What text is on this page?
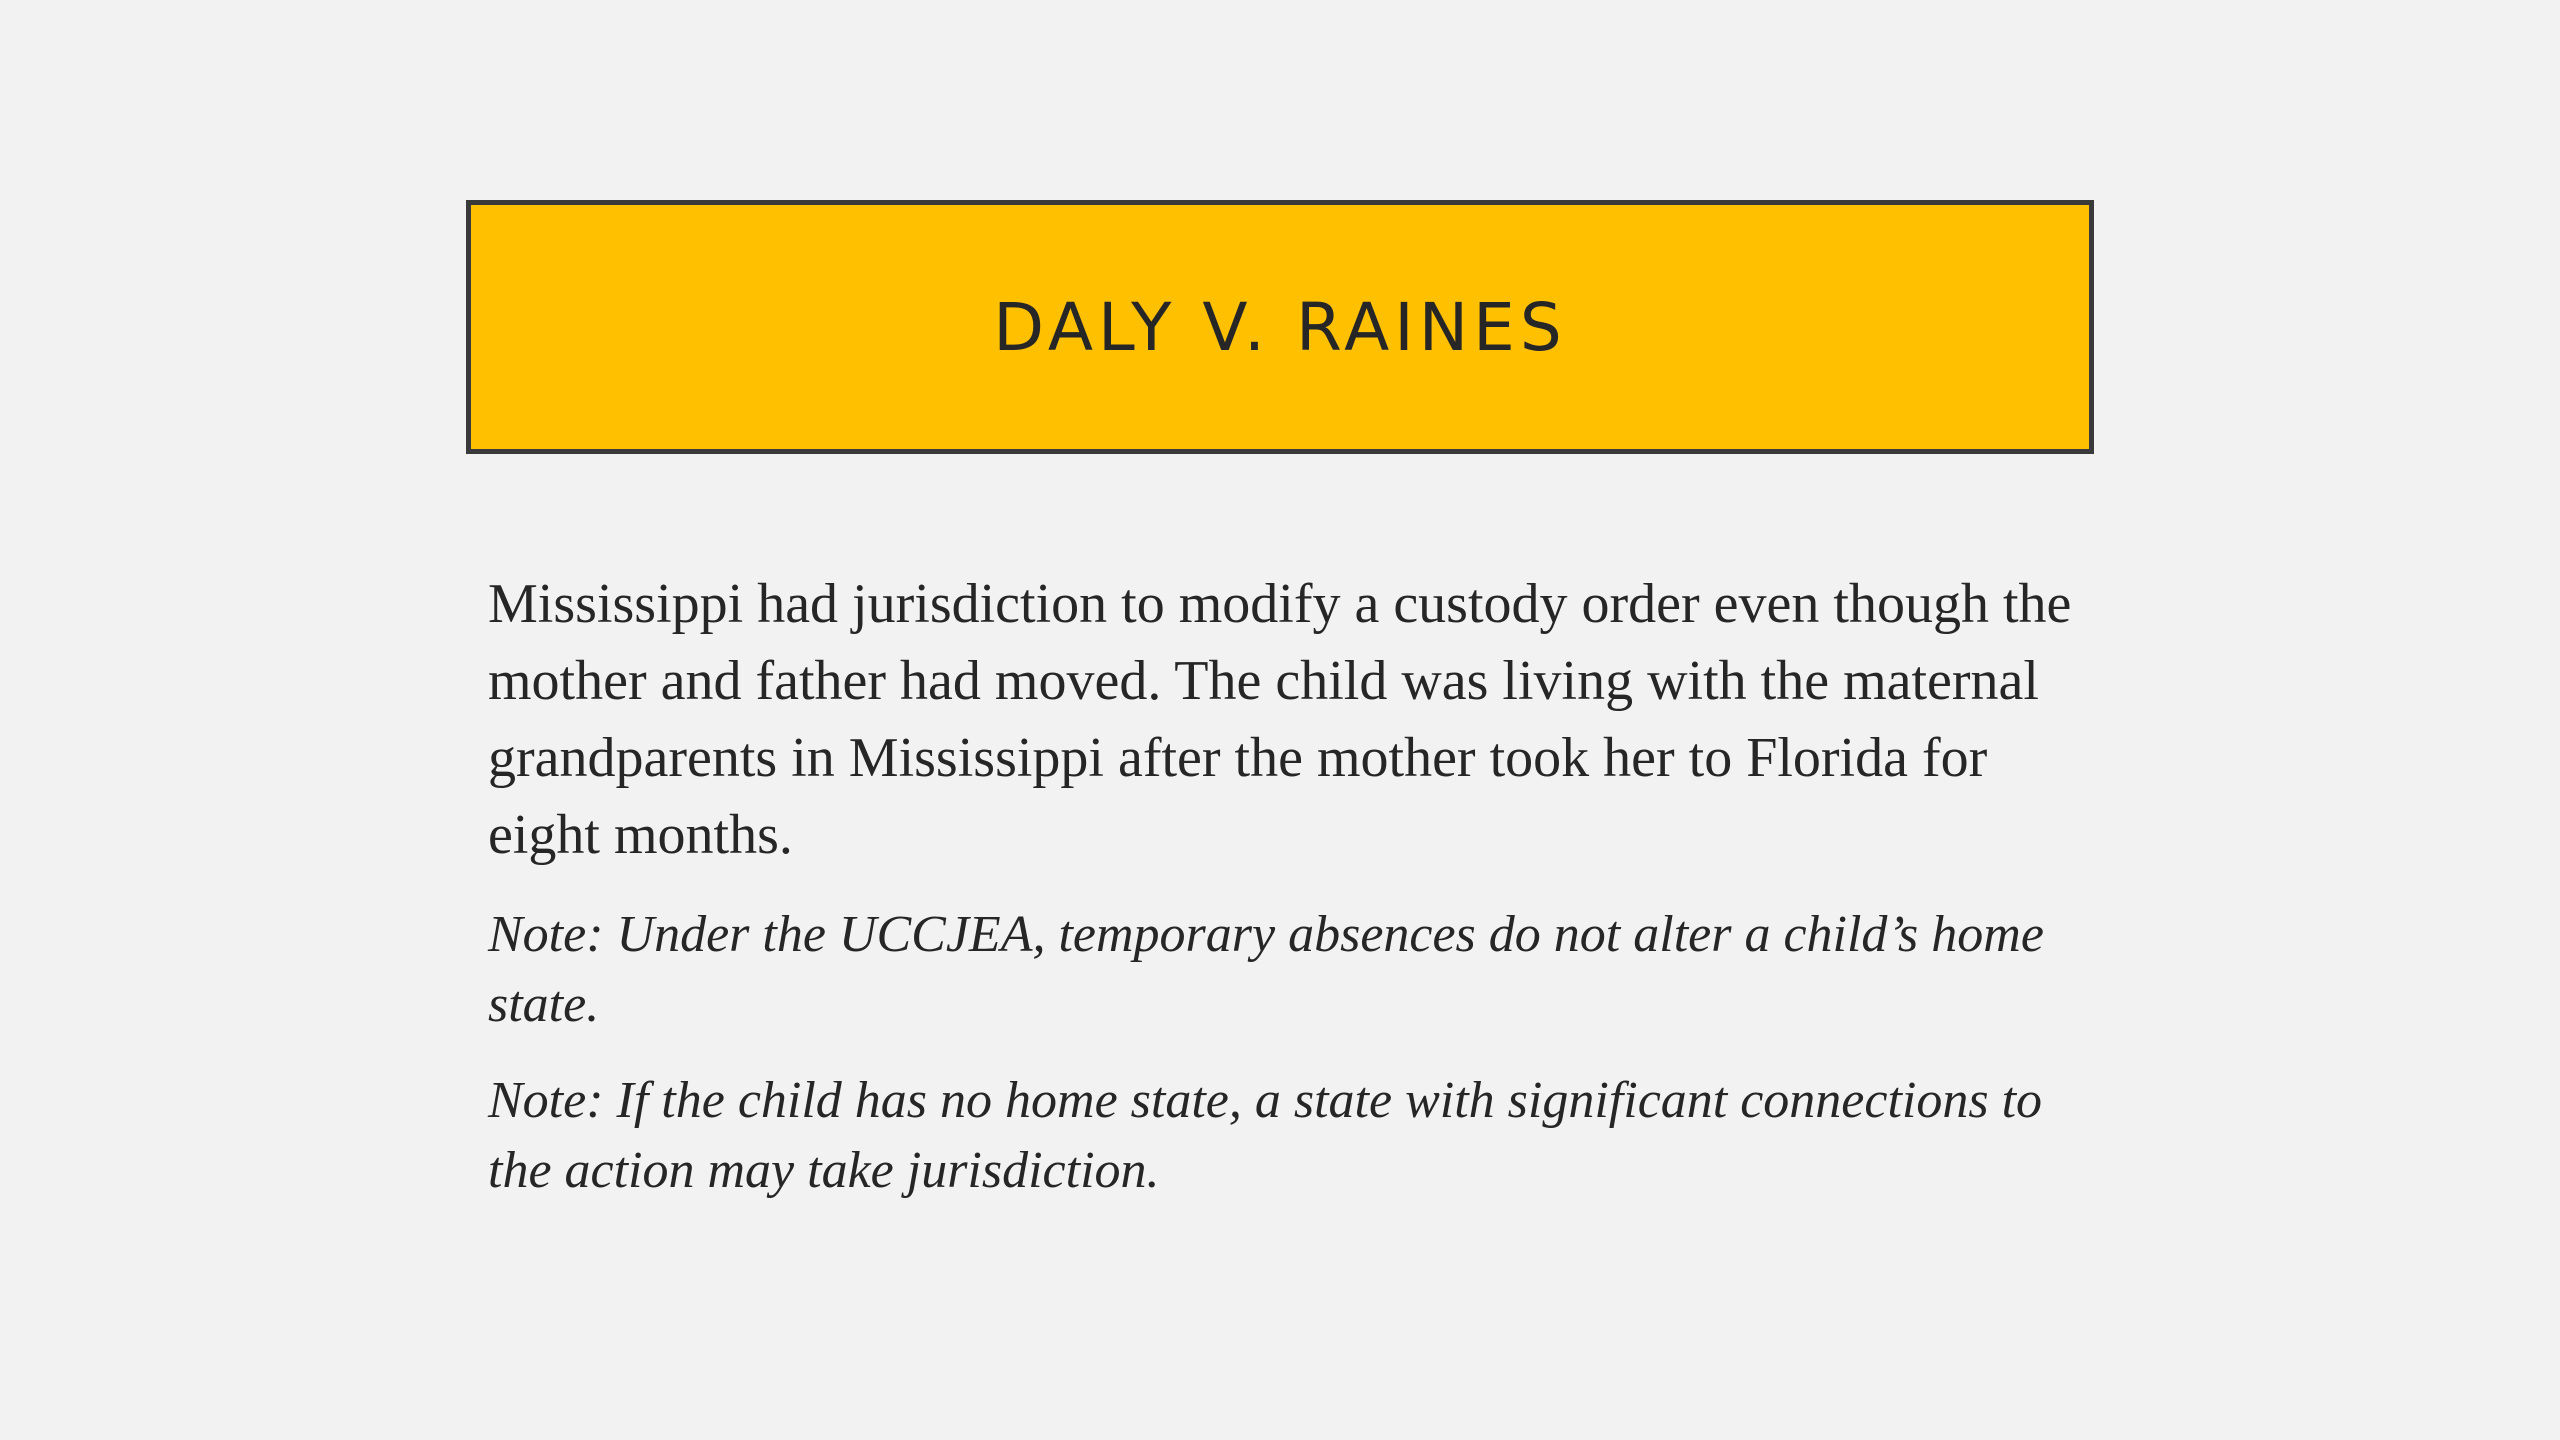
DALY V. RAINES

Mississippi had jurisdiction to modify a custody order even though the mother and father had moved. The child was living with the maternal grandparents in Mississippi after the mother took her to Florida for eight months.

Note: Under the UCCJEA, temporary absences do not alter a child’s home state.

Note: If the child has no home state, a state with significant connections to the action may take jurisdiction.
